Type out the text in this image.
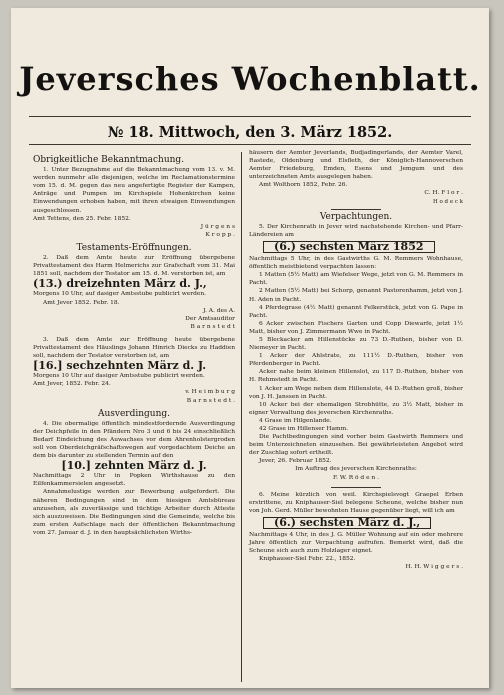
Jeversches Wochenblatt.
№ 18. Mittwoch, den 3. März 1852.
Obrigkeitliche Bekanntmachung.

1. Unter Bezugnahme auf die Bekanntmachung vom 13. v. M. werden nunmehr alle diejenigen, welche im Reclamationstermine vom 15. d. M. gegen das neu angefertigte Register der Kampen, Anträge und Pumpen im Kirchspiele Hohenkirchen keine Einwendungen erhoben haben, mit ihren etwaigen Einwendungen ausgeschlossen.

Amt Tettens, den 25. Febr. 1852.

J ü r g e n s

K r o p p .

Testaments-Eröffnungen.

2. Daß dem Amte heute zur Eröffnung übergebene Privattestament des Harm Helmerichs zur Grafschaft vom 31. Mai 1851 soll, nachdem der Testator am 15. d. M. verstorben ist, am

(13.) dreizehnten März d. J.,

Morgens 10 Uhr, auf dasiger Amtsstube publicirt werden.

Amt Jever 1852. Febr. 18.

J. A. des A.

Der Amtsauditor

B a r n s t e d t

3. Daß dem Amte zur Eröffnung heute übergebene Privattestament des Häuslings Johann Hinrich Diecks zu Haddien soll, nachdem der Testator verstorben ist, am

[16.] sechzehnten März d. J.

Morgens 10 Uhr auf dasiger Amtsstube publicirt werden.

Amt Jever, 1852. Febr. 24.

v. H e i m b u r g

B a r n s t e d t .

Ausverdingung.

4. Die obermalige öffentlich mindestfordernde Ausverdingung der Deichpfeile in den Pfändern Nro 3 und 6 bis 24 einschließlich Bedarf Eindeichung des Auwachses vor dem Ahrenholstergroden soll von Oberdeichgräfschaftswegen auf vorgedachtem Deiche an dem bis darunter zu stellenden Termin auf den

[10.] zehnten März d. J.

Nachmittags 2 Uhr in Popken Wirthshause zu den Eilfenkammersielen angesetzt.

Annahmelustige werden zur Bewerbung aufgefordert. Die näheren Bedingungen sind in dem hiesigen Amtsbüreau anzusehen, als zuverlässige und tüchtige Arbeiter durch Atteste sich auszuweisen. Die Bedingungen sind die Gemeinde, welche bis zum ersten Aufschlage nach der öffentlichen Bekanntmachung vom 27. Januar d. J. in den hauptsächlichsten Wirths-

häusern der Aemter Jeverlands, Budjadingerlands, der Aemter Varel, Rastede, Oldenburg und Elsfleth, der Königlich-Hannoverschen Aemter Friedeburg, Emden, Esens und Jemgum und des unterzeichneten Amts ausgelegen haben.

Amt Wolthorn 1852, Febr. 26.

C. H. F l o r .

H o d e c k

Verpachtungen.

5. Der Kirchenrath in Jever wird nachstehende Kirchen- und Pfarr-Ländereien am

(6.) sechsten März 1852

Nachmittags 5 Uhr, in des Gastwirths G. M. Remmers Wohnhause, öffentlich meistbietend verpachten lassen:

1 Matten (5½ Matt) am Wiefelser Wege, jetzt von G. M. Remmers in Pacht.

2 Matten (5½ Matt) bei Schorp, genannt Pastorenhamm, jetzt von J. H. Aden in Pacht.

4 Pferdegrase (4½ Matt) genannt Felkerstück, jetzt von G. Pape in Pacht.

6 Acker zwischen Fischers Garten und Copp Diewarfe, jetzt 1½ Matt, bisher von J. Zimmermann Wwe in Pacht.

5 Bleckacker am Hillenstücke zu 73 D.-Ruthen, bisher von D. Niemeyer in Pacht.

1 Acker der Ahlstrate, zu 111½ D.-Ruthen, bisher von Pferdenberger in Pacht.

Acker nahe beim kleinen Hillenslot, zu 117 D.-Ruthen, bisher von H. Rehmstedt in Pacht.

1 Acker am Wege neben dem Hillenslote, 44 D.-Ruthen groß, bisher von J. H. Janssen in Pacht.

10 Acker bei der ehemaligen Strobhütte, zu 3½ Matt, bisher in eigner Verwaltung des jeverschen Kirchenraths.

4 Grase im Hilgenlande.

42 Grase im Hillenser Hamm.

Die Pachtbedingungen sind vorher beim Gastwirth Remmers und beim Unterzeichneten einzusehen. Bei gewährleisteten Angebot wird der Zuschlag sofort ertheilt.

Jever, 26. Februar 1852.

Im Auftrag des jeverschen Kirchenraths:

F. W. R ö d e n .

6. Meine kürzlich von weil. Kirchspielsvogt Graepel Erben erstrittene, zu Kniphauser-Siel belegene Scheune, welche bisher nun von Joh. Gerd. Müller bewohnten Hause gegenüber liegt, will ich am

(6.) sechsten März d. J.,

Nachmittags 4 Uhr, in des J. G. Müller Wohnung auf ein oder mehrere Jahre öffentlich zur Verpachtung aufrufen. Bemerkt wird, daß die Scheune sich auch zum Holzlager eignet.

Kniphauser-Siel Febr. 22., 1852.

H. H. W i g g e r s .
